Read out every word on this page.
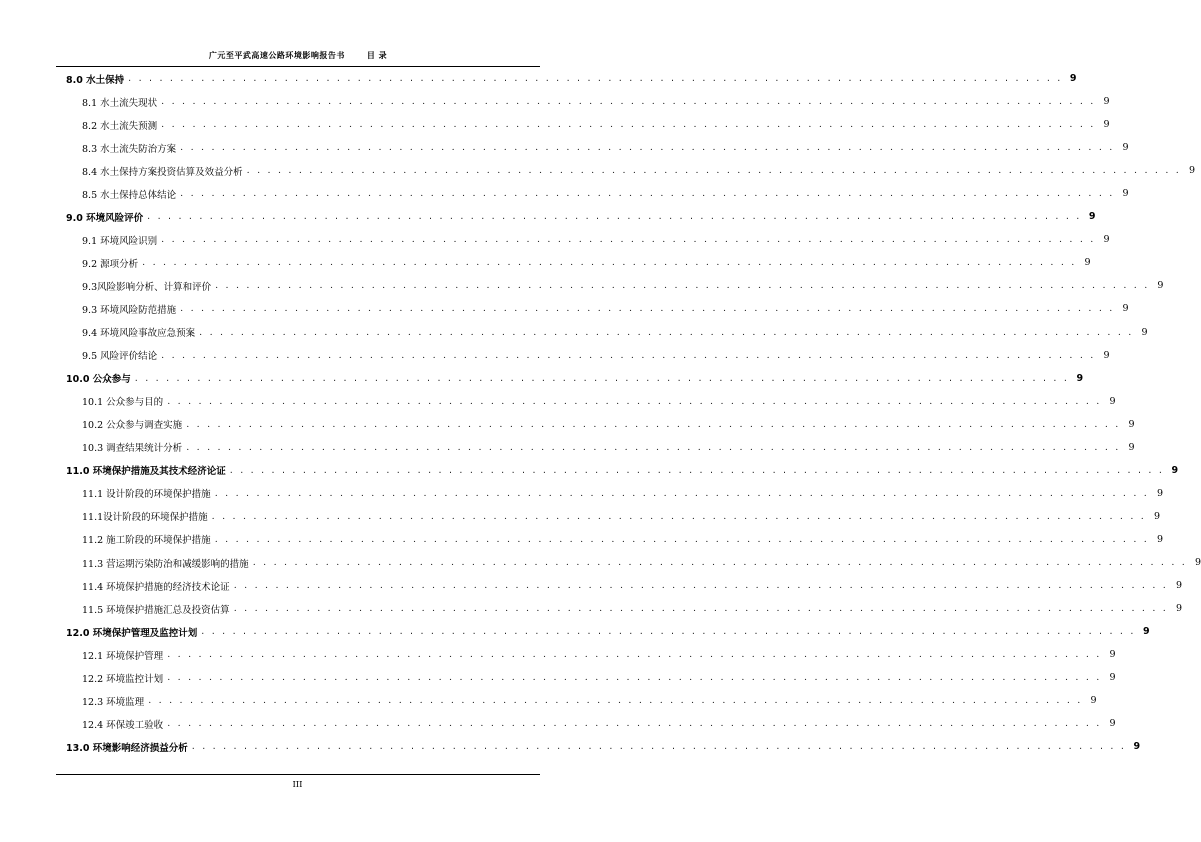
广元至平武高速公路环境影响报告书	目 录
8.0 水土保持 . . . . . . . . . . . . . . . . . . . . . . . . . . . . . . . . . . . . . . . . . . . . . . . . . . . . . . . . . . . . . . . . . . . . . . . . . . . . . . . . . . . . . . . . . . 9
8.1 水土流失现状 . . . . . . . . . . . . . . . . . . . . . . . . . . . . . . . . . . . . . . . . . . . . . . . . . . . . . . . . . . . . . . . . . . . . . . . . . . . . . . . . . . . . . . . . . . 9
8.2 水土流失预测 . . . . . . . . . . . . . . . . . . . . . . . . . . . . . . . . . . . . . . . . . . . . . . . . . . . . . . . . . . . . . . . . . . . . . . . . . . . . . . . . . . . . . . . . . . 9
8.3 水土流失防治方案 . . . . . . . . . . . . . . . . . . . . . . . . . . . . . . . . . . . . . . . . . . . . . . . . . . . . . . . . . . . . . . . . . . . . . . . . . . . . . . . . . . . . . . . . . . 9
8.4 水土保持方案投资估算及效益分析 . . . . . . . . . . . . . . . . . . . . . . . . . . . . . . . . . . . . . . . . . . . . . . . . . . . . . . . . . . . . . . . . . . . . . . . . . . . . . . . . . . . . . . . . . . 9
8.5 水土保持总体结论 . . . . . . . . . . . . . . . . . . . . . . . . . . . . . . . . . . . . . . . . . . . . . . . . . . . . . . . . . . . . . . . . . . . . . . . . . . . . . . . . . . . . . . . . . . 9
9.0 环境风险评价 . . . . . . . . . . . . . . . . . . . . . . . . . . . . . . . . . . . . . . . . . . . . . . . . . . . . . . . . . . . . . . . . . . . . . . . . . . . . . . . . . . . . . . . . . . 9
9.1 环境风险识别 . . . . . . . . . . . . . . . . . . . . . . . . . . . . . . . . . . . . . . . . . . . . . . . . . . . . . . . . . . . . . . . . . . . . . . . . . . . . . . . . . . . . . . . . . . 9
9.2 源项分析 . . . . . . . . . . . . . . . . . . . . . . . . . . . . . . . . . . . . . . . . . . . . . . . . . . . . . . . . . . . . . . . . . . . . . . . . . . . . . . . . . . . . . . . . . . 9
9.3风险影响分析、计算和评价 . . . . . . . . . . . . . . . . . . . . . . . . . . . . . . . . . . . . . . . . . . . . . . . . . . . . . . . . . . . . . . . . . . . . . . . . . . . . . . . . . . . . . . . . . . 9
9.3 环境风险防范措施 . . . . . . . . . . . . . . . . . . . . . . . . . . . . . . . . . . . . . . . . . . . . . . . . . . . . . . . . . . . . . . . . . . . . . . . . . . . . . . . . . . . . . . . . . . 9
9.4 环境风险事故应急预案 . . . . . . . . . . . . . . . . . . . . . . . . . . . . . . . . . . . . . . . . . . . . . . . . . . . . . . . . . . . . . . . . . . . . . . . . . . . . . . . . . . . . . . . . . . 9
9.5 风险评价结论 . . . . . . . . . . . . . . . . . . . . . . . . . . . . . . . . . . . . . . . . . . . . . . . . . . . . . . . . . . . . . . . . . . . . . . . . . . . . . . . . . . . . . . . . . . 9
10.0 公众参与 . . . . . . . . . . . . . . . . . . . . . . . . . . . . . . . . . . . . . . . . . . . . . . . . . . . . . . . . . . . . . . . . . . . . . . . . . . . . . . . . . . . . . . . . . . 9
10.1 公众参与目的 . . . . . . . . . . . . . . . . . . . . . . . . . . . . . . . . . . . . . . . . . . . . . . . . . . . . . . . . . . . . . . . . . . . . . . . . . . . . . . . . . . . . . . . . . . 9
10.2 公众参与调查实施 . . . . . . . . . . . . . . . . . . . . . . . . . . . . . . . . . . . . . . . . . . . . . . . . . . . . . . . . . . . . . . . . . . . . . . . . . . . . . . . . . . . . . . . . . . 9
10.3 调查结果统计分析 . . . . . . . . . . . . . . . . . . . . . . . . . . . . . . . . . . . . . . . . . . . . . . . . . . . . . . . . . . . . . . . . . . . . . . . . . . . . . . . . . . . . . . . . . . 9
11.0 环境保护措施及其技术经济论证 . . . . . . . . . . . . . . . . . . . . . . . . . . . . . . . . . . . . . . . . . . . . . . . . . . . . . . . . . . . . . . . . . . . . . . . . . . . . . . . . . . . . . . . . . . 9
11.1 设计阶段的环境保护措施 . . . . . . . . . . . . . . . . . . . . . . . . . . . . . . . . . . . . . . . . . . . . . . . . . . . . . . . . . . . . . . . . . . . . . . . . . . . . . . . . . . . . . . . . . . 9
11.1设计阶段的环境保护措施 . . . . . . . . . . . . . . . . . . . . . . . . . . . . . . . . . . . . . . . . . . . . . . . . . . . . . . . . . . . . . . . . . . . . . . . . . . . . . . . . . . . . . . . . . . 9
11.2 施工阶段的环境保护措施 . . . . . . . . . . . . . . . . . . . . . . . . . . . . . . . . . . . . . . . . . . . . . . . . . . . . . . . . . . . . . . . . . . . . . . . . . . . . . . . . . . . . . . . . . . 9
11.3 营运期污染防治和减缓影响的措施 . . . . . . . . . . . . . . . . . . . . . . . . . . . . . . . . . . . . . . . . . . . . . . . . . . . . . . . . . . . . . . . . . . . . . . . . . . . . . . . . . . . . . . . . . . 9
11.4 环境保护措施的经济技术论证 . . . . . . . . . . . . . . . . . . . . . . . . . . . . . . . . . . . . . . . . . . . . . . . . . . . . . . . . . . . . . . . . . . . . . . . . . . . . . . . . . . . . . . . . . . 9
11.5 环境保护措施汇总及投资估算 . . . . . . . . . . . . . . . . . . . . . . . . . . . . . . . . . . . . . . . . . . . . . . . . . . . . . . . . . . . . . . . . . . . . . . . . . . . . . . . . . . . . . . . . . . 9
12.0 环境保护管理及监控计划 . . . . . . . . . . . . . . . . . . . . . . . . . . . . . . . . . . . . . . . . . . . . . . . . . . . . . . . . . . . . . . . . . . . . . . . . . . . . . . . . . . . . . . . . . . 9
12.1 环境保护管理 . . . . . . . . . . . . . . . . . . . . . . . . . . . . . . . . . . . . . . . . . . . . . . . . . . . . . . . . . . . . . . . . . . . . . . . . . . . . . . . . . . . . . . . . . . 9
12.2 环境监控计划 . . . . . . . . . . . . . . . . . . . . . . . . . . . . . . . . . . . . . . . . . . . . . . . . . . . . . . . . . . . . . . . . . . . . . . . . . . . . . . . . . . . . . . . . . . 9
12.3 环境监理 . . . . . . . . . . . . . . . . . . . . . . . . . . . . . . . . . . . . . . . . . . . . . . . . . . . . . . . . . . . . . . . . . . . . . . . . . . . . . . . . . . . . . . . . . . 9
12.4 环保竣工验收 . . . . . . . . . . . . . . . . . . . . . . . . . . . . . . . . . . . . . . . . . . . . . . . . . . . . . . . . . . . . . . . . . . . . . . . . . . . . . . . . . . . . . . . . . . 9
13.0 环境影响经济损益分析 . . . . . . . . . . . . . . . . . . . . . . . . . . . . . . . . . . . . . . . . . . . . . . . . . . . . . . . . . . . . . . . . . . . . . . . . . . . . . . . . . . . . . . . . . . 9
III
